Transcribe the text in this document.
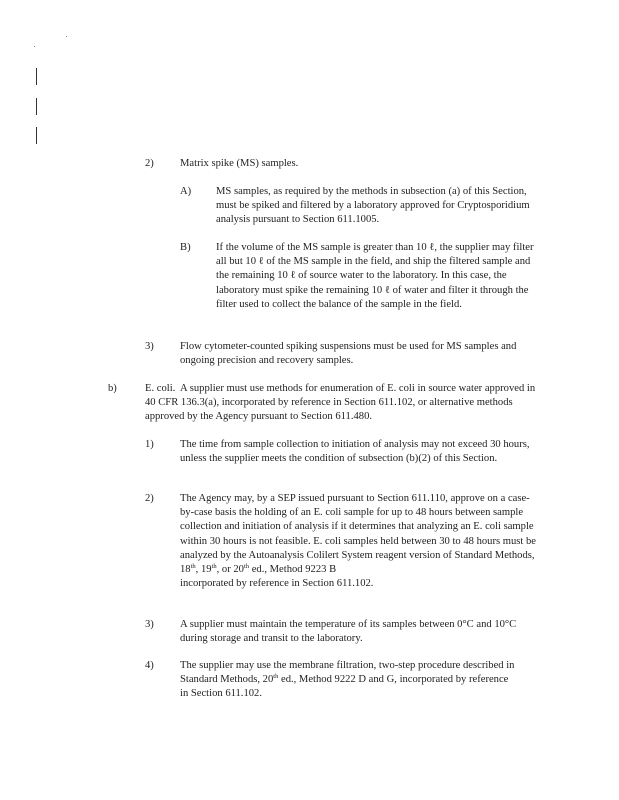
2) Matrix spike (MS) samples.

A) MS samples, as required by the methods in subsection (a) of this Section, must be spiked and filtered by a laboratory approved for Cryptosporidium analysis pursuant to Section 611.1005.

B) If the volume of the MS sample is greater than 10 ℓ, the supplier may filter all but 10 ℓ of the MS sample in the field, and ship the filtered sample and the remaining 10 ℓ of source water to the laboratory. In this case, the laboratory must spike the remaining 10 ℓ of water and filter it through the filter used to collect the balance of the sample in the field.

3) Flow cytometer-counted spiking suspensions must be used for MS samples and ongoing precision and recovery samples.

b)	E. coli. A supplier must use methods for enumeration of E. coli in source water approved in 40 CFR 136.3(a), incorporated by reference in Section 611.102, or alternative methods approved by the Agency pursuant to Section 611.480.

1) The time from sample collection to initiation of analysis may not exceed 30 hours, unless the supplier meets the condition of subsection (b)(2) of this Section.

2) The Agency may, by a SEP issued pursuant to Section 611.110, approve on a case-by-case basis the holding of an E. coli sample for up to 48 hours between sample collection and initiation of analysis if it determines that analyzing an E. coli sample within 30 hours is not feasible. E. coli samples held between 30 to 48 hours must be analyzed by the Autoanalysis Colilert System reagent version of Standard Methods, 18th, 19th, or 20th ed., Method 9223 B
incorporated by reference in Section 611.102.

3) A supplier must maintain the temperature of its samples between 0°C and 10°C during storage and transit to the laboratory.

4) The supplier may use the membrane filtration, two-step procedure described in Standard Methods, 20th ed., Method 9222 D and G, incorporated by reference in Section 611.102.
